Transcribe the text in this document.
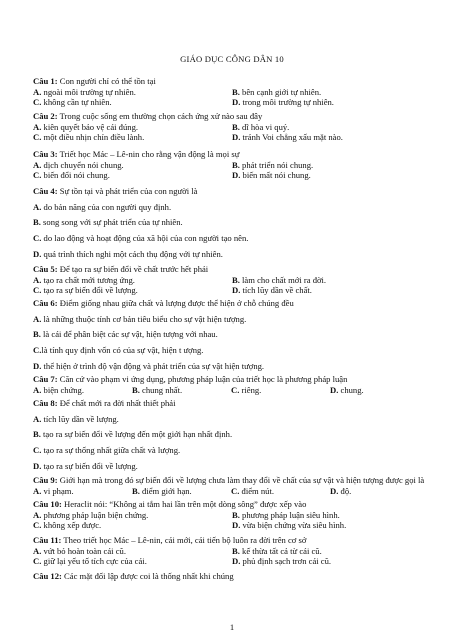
GIÁO DỤC CÔNG DÂN 10
Câu 1: Con người chỉ có thể tồn tại
A. ngoài môi trường tự nhiên.	B. bên cạnh giới tự nhiên.
C. không cần tự nhiên.	D. trong môi trường tự nhiên.
Câu 2: Trong cuộc sống em thường chọn cách ứng xử nào sau đây
A. kiên quyết bảo vệ cái đúng.	B. dĩ hòa vi quý.
C. một điều nhịn chín điều lành.	D. tránh Voi chẳng xấu mặt nào.
Câu 3: Triết học Mác – Lê-nin cho rằng vận động là mọi sự
A. dịch chuyển nói chung.	B. phát triển nói chung.
C. biến đổi nói chung.	D. biến mất nói chung.
Câu 4: Sự tồn tại và phát triển của con người là
A. do bản năng của con người quy định.
B. song song với sự phát triển của tự nhiên.
C. do lao động và hoạt động của xã hội của con người tạo nên.
D. quá trình thích nghi một cách thụ động với tự nhiên.
Câu 5: Để tạo ra sự biến đổi về chất trước hết phải
A. tạo ra chất mới tương ứng.	B. làm cho chất mới ra đời.
C. tạo ra sự biến đổi về lượng.	D. tích lũy dần về chất.
Câu 6: Điểm giống nhau giữa chất và lượng được thể hiện ở chỗ chúng đều
A. là những thuộc tính cơ bản tiêu biểu cho sự vật hiện tượng.
B. là cái để phân biệt các sự vật, hiện tượng với nhau.
C.là tính quy định vốn có của sự vật, hiện t ượng.
D. thể hiện ở trình độ vận động và phát triển của sự vật hiện tượng.
Câu 7: Căn cứ vào phạm vi ứng dụng, phương pháp luận của triết học là phương pháp luận
A. biện chứng.	B. chung nhất.	C. riêng.	D. chung.
Câu 8: Để chất mới ra đời nhất thiết phải
A. tích lũy dần về lượng.
B. tạo ra sự biến đổi về lượng đến một giới hạn nhất định.
C. tạo ra sự thống nhất giữa chất và lượng.
D. tạo ra sự biến đổi về lượng.
Câu 9: Giới hạn mà trong đó sự biến đổi về lượng chưa làm thay đổi về chất của sự vật và hiện tượng được gọi là
A. vi phạm.	B. điểm giới hạn.	C. điểm nút.	D. độ.
Câu 10: Heraclit nói: “Không ai tắm hai lần trên một dòng sông” được xếp vào
A. phương pháp luận biện chứng.	B. phương pháp luận siêu hình.
C. không xếp được.	D. vừa biện chứng vừa siêu hình.
Câu 11: Theo triết học Mác – Lê-nin, cái mới, cái tiến bộ luôn ra đời trên cơ sở
A. vứt bỏ hoàn toàn cái cũ.	B. kế thừa tất cả từ cái cũ.
C. giữ lại yếu tố tích cực của cái.	D. phủ định sạch trơn cái cũ.
Câu 12: Các mặt đối lập được coi là thống nhất khi chúng
1
